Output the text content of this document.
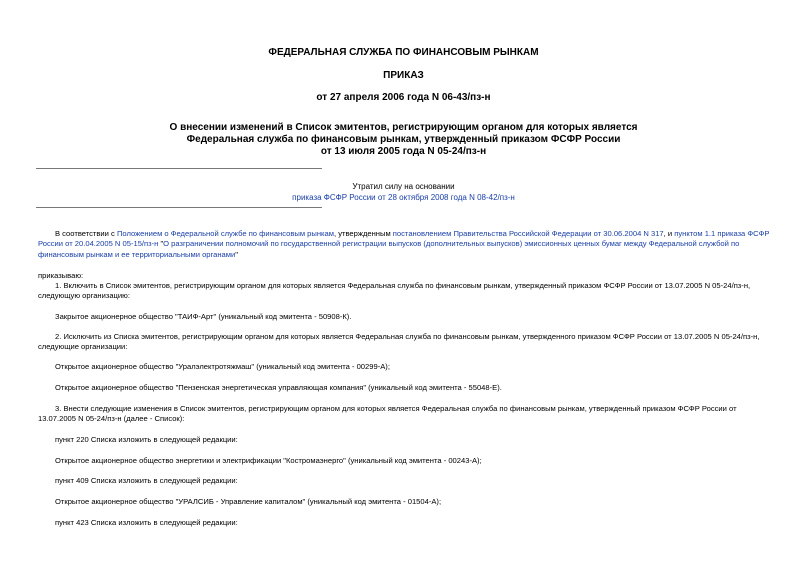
ФЕДЕРАЛЬНАЯ СЛУЖБА ПО ФИНАНСОВЫМ РЫНКАМ
ПРИКАЗ
от 27 апреля 2006 года N 06-43/пз-н
О внесении изменений в Список эмитентов, регистрирующим органом для которых является
Федеральная служба по финансовым рынкам, утвержденный приказом ФСФР России
от 13 июля 2005 года N 05-24/пз-н
Утратил силу на основании
приказа ФСФР России от 28 октября 2008 года N 08-42/пз-н
В соответствии с Положением о Федеральной службе по финансовым рынкам, утвержденным постановлением Правительства Российской Федерации от 30.06.2004 N 317, и пунктом 1.1 приказа ФСФР России от 20.04.2005 N 05-15/пз-н "О разграничении полномочий по государственной регистрации выпусков (дополнительных выпусков) эмиссионных ценных бумаг между Федеральной службой по финансовым рынкам и ее территориальными органами"
приказываю:
1. Включить в Список эмитентов, регистрирующим органом для которых является Федеральная служба по финансовым рынкам, утвержденный приказом ФСФР России от 13.07.2005 N 05-24/пз-н, следующую организацию:
Закрытое акционерное общество "ТАИФ-Арт" (уникальный код эмитента - 50908-К).
2. Исключить из Списка эмитентов, регистрирующим органом для которых является Федеральная служба по финансовым рынкам, утвержденного приказом ФСФР России от 13.07.2005 N 05-24/пз-н, следующие организации:
Открытое акционерное общество "Уралэлектротяжмаш" (уникальный код эмитента - 00299-А);
Открытое акционерное общество "Пензенская энергетическая управляющая компания" (уникальный код эмитента - 55048-Е).
3. Внести следующие изменения в Список эмитентов, регистрирующим органом для которых является Федеральная служба по финансовым рынкам, утвержденный приказом ФСФР России от 13.07.2005 N 05-24/пз-н (далее - Список):
пункт 220 Списка изложить в следующей редакции:
Открытое акционерное общество энергетики и электрификации "Костромаэнерго" (уникальный код эмитента - 00243-А);
пункт 409 Списка изложить в следующей редакции:
Открытое акционерное общество "УРАЛСИБ - Управление капиталом" (уникальный код эмитента - 01504-А);
пункт 423 Списка изложить в следующей редакции:
